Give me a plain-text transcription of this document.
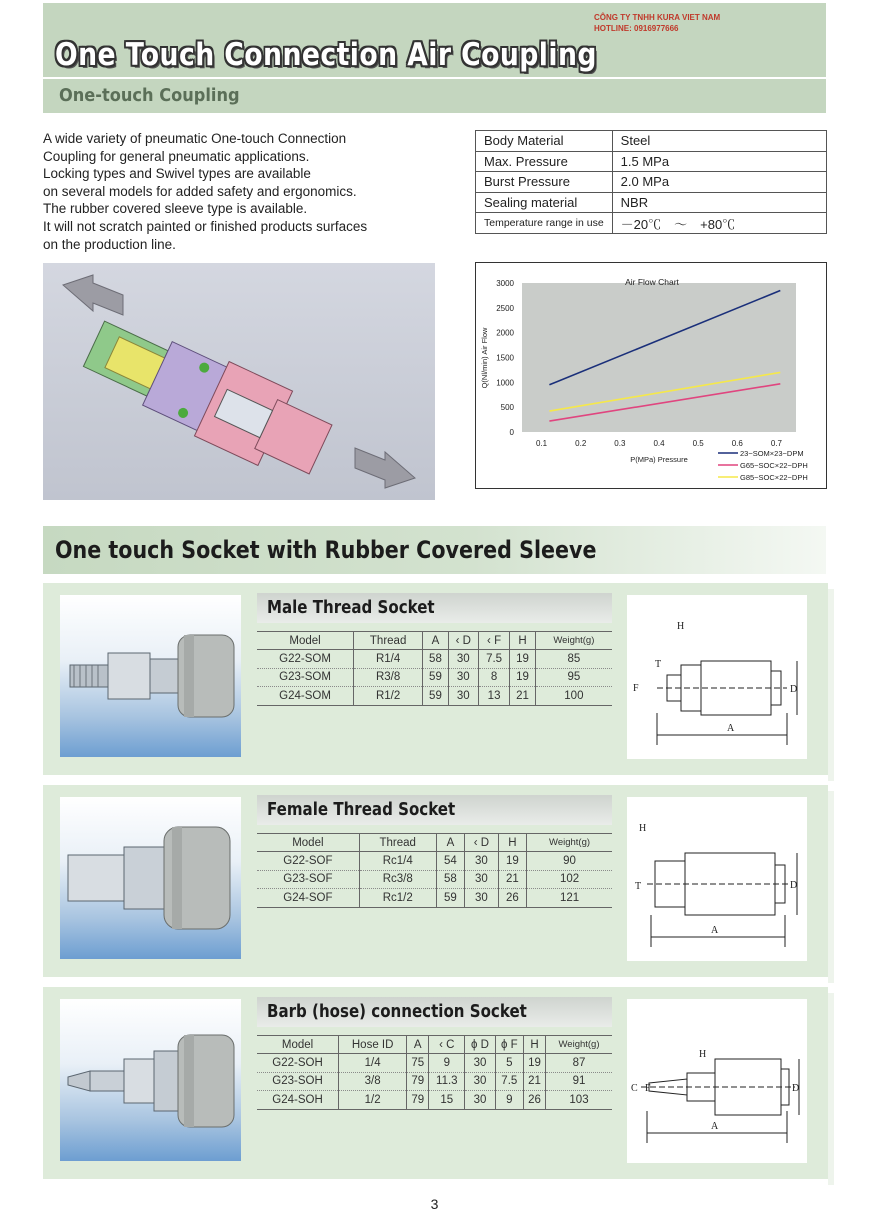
CÔNG TY TNHH KURA VIET NAM
HOTLINE: 0916977666
One Touch Connection Air Coupling
One-touch Coupling

A wide variety of pneumatic One-touch Connection

Coupling for general pneumatic applications.

Locking types and Swivel types are available

on several models for added safety and ergonomics.

The rubber covered sleeve type is available.

It will not scratch painted or finished products surfaces

on the production line.

Body Material	Steel
Max. Pressure	1.5 MPa
Burst Pressure	2.0 MPa
Sealing material	NBR
Temperature range in use	－20℃　～　+80℃
Air Flow Chart
0
500
1000
1500
2000
2500
3000
0.1	0.2	0.3	0.4	0.5	0.6	0.7
Q(Nl/min) Air Flow
P(MPa) Pressure
23−SOM×23−DPM
G65−SOC×22−DPH
G85−SOC×22−DPH
One touch Socket with Rubber Covered Sleeve
Male Thread Socket
Model	Thread	A	‹ D	‹ F	H	Weight(g)
G22-SOM	R1/4	58	30	7.5	19	85
G23-SOM	R3/8	59	30	8	19	95
G24-SOM	R1/2	59	30	13	21	100
A
D
H
T
F
Female Thread Socket
Model	Thread	A	‹ D	H	Weight(g)
G22-SOF	Rc1/4	54	30	19	90
G23-SOF	Rc3/8	58	30	21	102
G24-SOF	Rc1/2	59	30	26	121
A
D
H
T
Barb (hose) connection Socket
Model	Hose ID	A	‹ C	ϕ D	ϕ F	H	Weight(g)
G22-SOH	1/4	75	9	30	5	19	87
G23-SOH	3/8	79	11.3	30	7.5	21	91
G24-SOH	1/2	79	15	30	9	26	103
A
D
H
C F
3
